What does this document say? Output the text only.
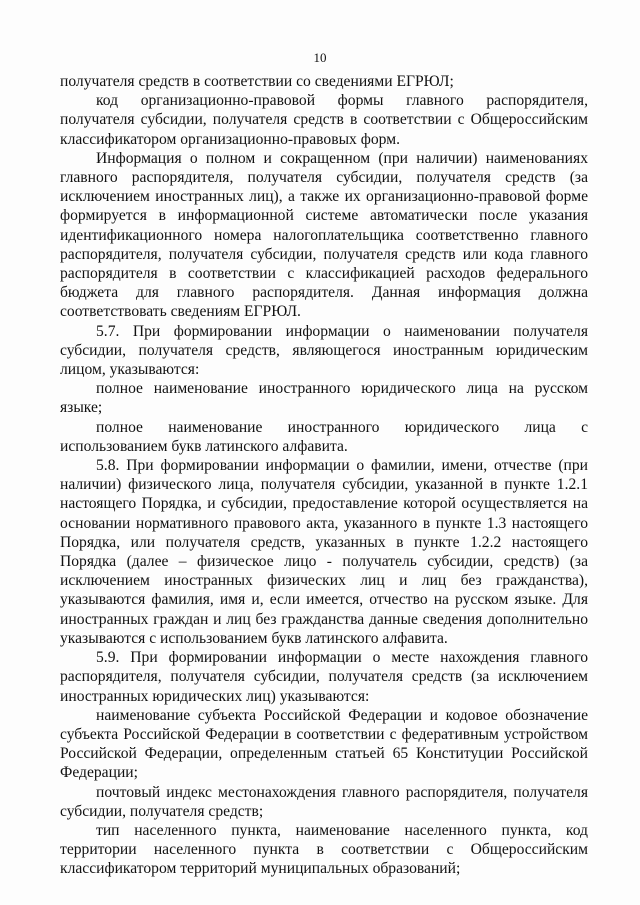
10

получателя средств в соответствии со сведениями ЕГРЮЛ;

код организационно-правовой формы главного распорядителя, получателя субсидии, получателя средств в соответствии с Общероссийским классификатором организационно-правовых форм.

Информация о полном и сокращенном (при наличии) наименованиях главного распорядителя, получателя субсидии, получателя средств (за исключением иностранных лиц), а также их организационно-правовой форме формируется в информационной системе автоматически после указания идентификационного номера налогоплательщика соответственно главного распорядителя, получателя субсидии, получателя средств или кода главного распорядителя в соответствии с классификацией расходов федерального бюджета для главного распорядителя. Данная информация должна соответствовать сведениям ЕГРЮЛ.

5.7. При формировании информации о наименовании получателя субсидии, получателя средств, являющегося иностранным юридическим лицом, указываются:

полное наименование иностранного юридического лица на русском языке;

полное наименование иностранного юридического лица с использованием букв латинского алфавита.

5.8. При формировании информации о фамилии, имени, отчестве (при наличии) физического лица, получателя субсидии, указанной в пункте 1.2.1 настоящего Порядка, и субсидии, предоставление которой осуществляется на основании нормативного правового акта, указанного в пункте 1.3 настоящего Порядка, или получателя средств, указанных в пункте 1.2.2 настоящего Порядка (далее – физическое лицо - получатель субсидии, средств) (за исключением иностранных физических лиц и лиц без гражданства), указываются фамилия, имя и, если имеется, отчество на русском языке. Для иностранных граждан и лиц без гражданства данные сведения дополнительно указываются с использованием букв латинского алфавита.

5.9. При формировании информации о месте нахождения главного распорядителя, получателя субсидии, получателя средств (за исключением иностранных юридических лиц) указываются:

наименование субъекта Российской Федерации и кодовое обозначение субъекта Российской Федерации в соответствии с федеративным устройством Российской Федерации, определенным статьей 65 Конституции Российской Федерации;

почтовый индекс местонахождения главного распорядителя, получателя субсидии, получателя средств;

тип населенного пункта, наименование населенного пункта, код территории населенного пункта в соответствии с Общероссийским классификатором территорий муниципальных образований;
